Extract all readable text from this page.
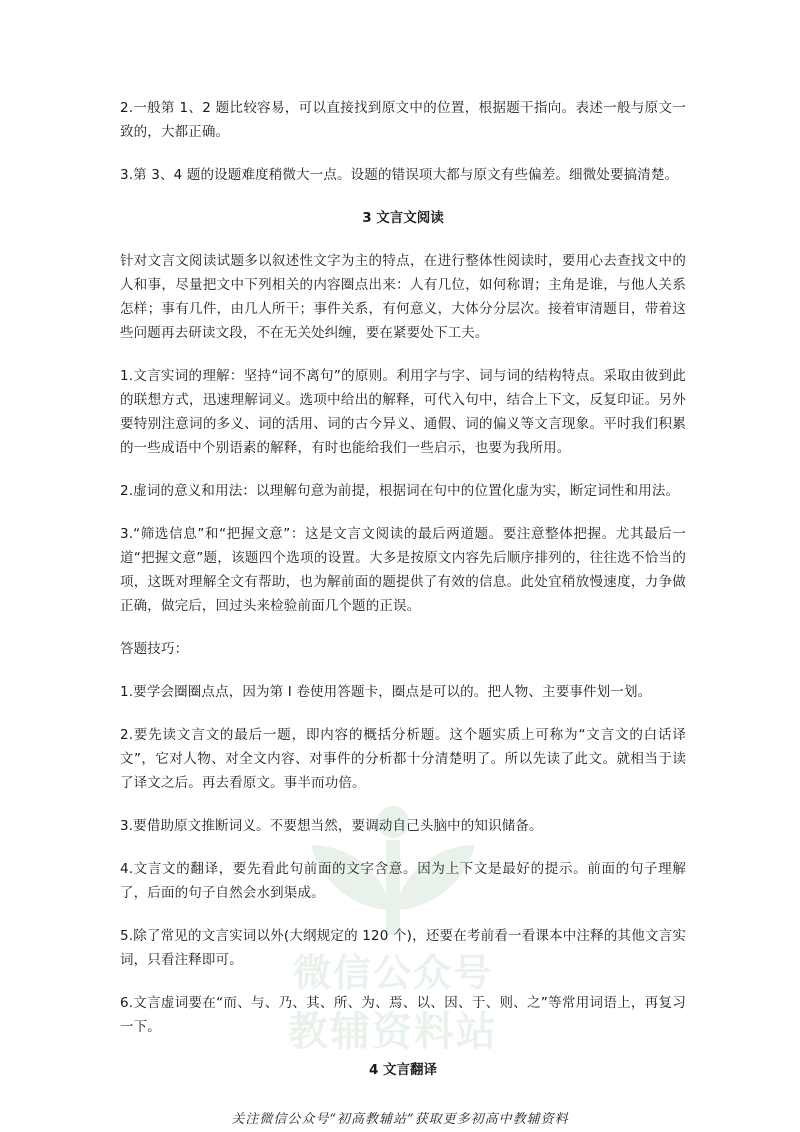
微信公众号
教辅资料站

2.一般第 1、2 题比较容易，可以直接找到原文中的位置，根据题干指向。表述一般与原文一致的，大都正确。

3.第 3、4 题的设题难度稍微大一点。设题的错误项大都与原文有些偏差。细微处要搞清楚。

3 文言文阅读

针对文言文阅读试题多以叙述性文字为主的特点，在进行整体性阅读时，要用心去查找文中的人和事，尽量把文中下列相关的内容圈点出来：人有几位，如何称谓；主角是谁，与他人关系怎样；事有几件，由几人所干；事件关系，有何意义，大体分分层次。接着审清题目，带着这些问题再去研读文段，不在无关处纠缠，要在紧要处下工夫。

1.文言实词的理解：坚持“词不离句”的原则。利用字与字、词与词的结构特点。采取由彼到此的联想方式，迅速理解词义。选项中给出的解释，可代入句中，结合上下文，反复印证。另外要特别注意词的多义、词的活用、词的古今异义、通假、词的偏义等文言现象。平时我们积累的一些成语中个别语素的解释，有时也能给我们一些启示，也要为我所用。

2.虚词的意义和用法：以理解句意为前提，根据词在句中的位置化虚为实，断定词性和用法。

3.“筛选信息”和“把握文意”：这是文言文阅读的最后两道题。要注意整体把握。尤其最后一道“把握文意”题，该题四个选项的设置。大多是按原文内容先后顺序排列的，往往选不恰当的项，这既对理解全文有帮助，也为解前面的题提供了有效的信息。此处宜稍放慢速度，力争做正确，做完后，回过头来检验前面几个题的正误。

答题技巧：

1.要学会圈圈点点，因为第 I 卷使用答题卡，圈点是可以的。把人物、主要事件划一划。

2.要先读文言文的最后一题，即内容的概括分析题。这个题实质上可称为“文言文的白话译文”，它对人物、对全文内容、对事件的分析都十分清楚明了。所以先读了此文。就相当于读了译文之后。再去看原文。事半而功倍。

3.要借助原文推断词义。不要想当然，要调动自己头脑中的知识储备。

4.文言文的翻译，要先看此句前面的文字含意。因为上下文是最好的提示。前面的句子理解了，后面的句子自然会水到渠成。

5.除了常见的文言实词以外(大纲规定的 120 个)，还要在考前看一看课本中注释的其他文言实词，只看注释即可。

6.文言虚词要在“而、与、乃、其、所、为、焉、以、因、于、则、之”等常用词语上，再复习一下。

4 文言翻译
关注微信公众号“初高教辅站”获取更多初高中教辅资料
